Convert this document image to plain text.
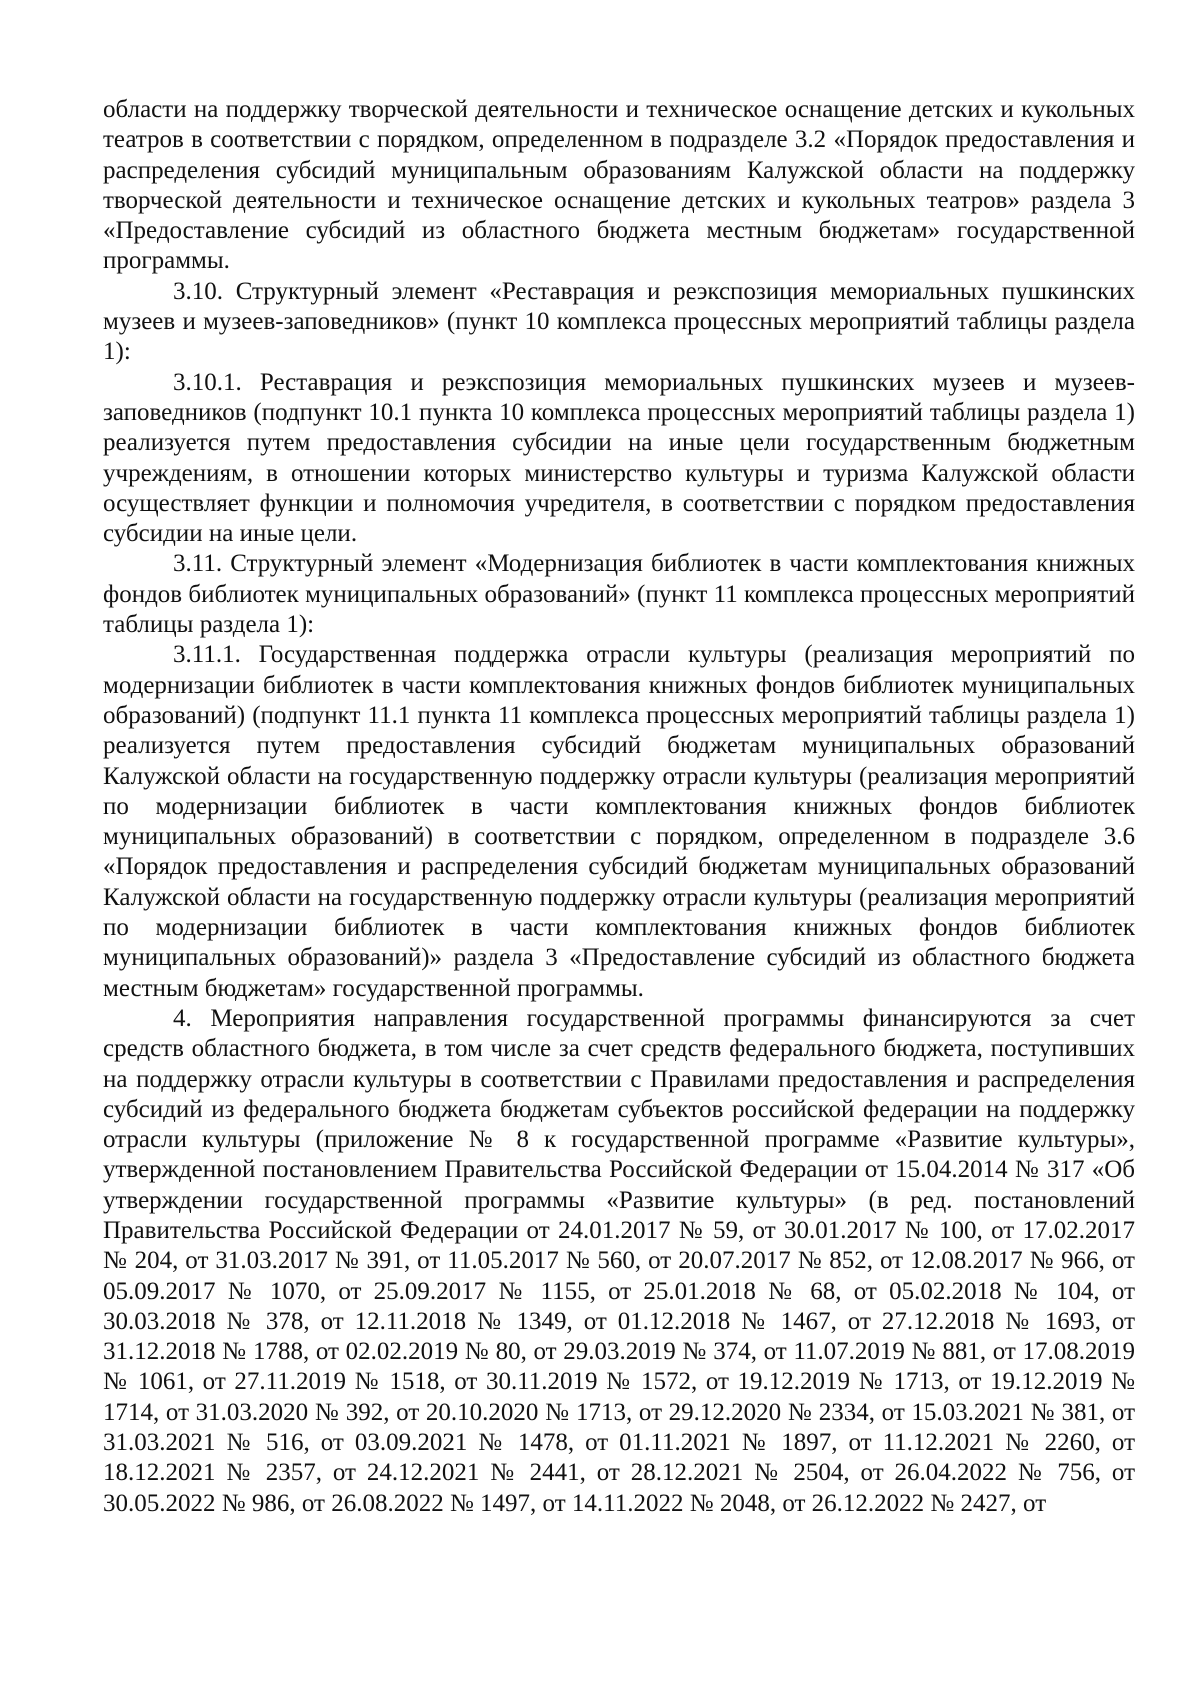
области на поддержку творческой деятельности и техническое оснащение детских и кукольных театров в соответствии с порядком, определенном в подразделе 3.2 «Порядок предоставления и распределения субсидий муниципальным образованиям Калужской области на поддержку творческой деятельности и техническое оснащение детских и кукольных театров» раздела 3 «Предоставление субсидий из областного бюджета местным бюджетам» государственной программы.

3.10. Структурный элемент «Реставрация и реэкспозиция мемориальных пушкинских музеев и музеев-заповедников» (пункт 10 комплекса процессных мероприятий таблицы раздела 1):

3.10.1. Реставрация и реэкспозиция мемориальных пушкинских музеев и музеев-заповедников (подпункт 10.1 пункта 10 комплекса процессных мероприятий таблицы раздела 1) реализуется путем предоставления субсидии на иные цели государственным бюджетным учреждениям, в отношении которых министерство культуры и туризма Калужской области осуществляет функции и полномочия учредителя, в соответствии с порядком предоставления субсидии на иные цели.

3.11. Структурный элемент «Модернизация библиотек в части комплектования книжных фондов библиотек муниципальных образований» (пункт 11 комплекса процессных мероприятий таблицы раздела 1):

3.11.1. Государственная поддержка отрасли культуры (реализация мероприятий по модернизации библиотек в части комплектования книжных фондов библиотек муниципальных образований) (подпункт 11.1 пункта 11 комплекса процессных мероприятий таблицы раздела 1) реализуется путем предоставления субсидий бюджетам муниципальных образований Калужской области на государственную поддержку отрасли культуры (реализация мероприятий по модернизации библиотек в части комплектования книжных фондов библиотек муниципальных образований) в соответствии с порядком, определенном в подразделе 3.6 «Порядок предоставления и распределения субсидий бюджетам муниципальных образований Калужской области на государственную поддержку отрасли культуры (реализация мероприятий по модернизации библиотек в части комплектования книжных фондов библиотек муниципальных образований)» раздела 3 «Предоставление субсидий из областного бюджета местным бюджетам» государственной программы.

4. Мероприятия направления государственной программы финансируются за счет средств областного бюджета, в том числе за счет средств федерального бюджета, поступивших на поддержку отрасли культуры в соответствии с Правилами предоставления и распределения субсидий из федерального бюджета бюджетам субъектов российской федерации на поддержку отрасли культуры (приложение № 8 к государственной программе «Развитие культуры», утвержденной постановлением Правительства Российской Федерации от 15.04.2014 № 317 «Об утверждении государственной программы «Развитие культуры» (в ред. постановлений Правительства Российской Федерации от 24.01.2017 № 59, от 30.01.2017 № 100, от 17.02.2017 № 204, от 31.03.2017 № 391, от 11.05.2017 № 560, от 20.07.2017 № 852, от 12.08.2017 № 966, от 05.09.2017 № 1070, от 25.09.2017 № 1155, от 25.01.2018 № 68, от 05.02.2018 № 104, от 30.03.2018 № 378, от 12.11.2018 № 1349, от 01.12.2018 № 1467, от 27.12.2018 № 1693, от 31.12.2018 № 1788, от 02.02.2019 № 80, от 29.03.2019 № 374, от 11.07.2019 № 881, от 17.08.2019 № 1061, от 27.11.2019 № 1518, от 30.11.2019 № 1572, от 19.12.2019 № 1713, от 19.12.2019 № 1714, от 31.03.2020 № 392, от 20.10.2020 № 1713, от 29.12.2020 № 2334, от 15.03.2021 № 381, от 31.03.2021 № 516, от 03.09.2021 № 1478, от 01.11.2021 № 1897, от 11.12.2021 № 2260, от 18.12.2021 № 2357, от 24.12.2021 № 2441, от 28.12.2021 № 2504, от 26.04.2022 № 756, от 30.05.2022 № 986, от 26.08.2022 № 1497, от 14.11.2022 № 2048, от 26.12.2022 № 2427, от
